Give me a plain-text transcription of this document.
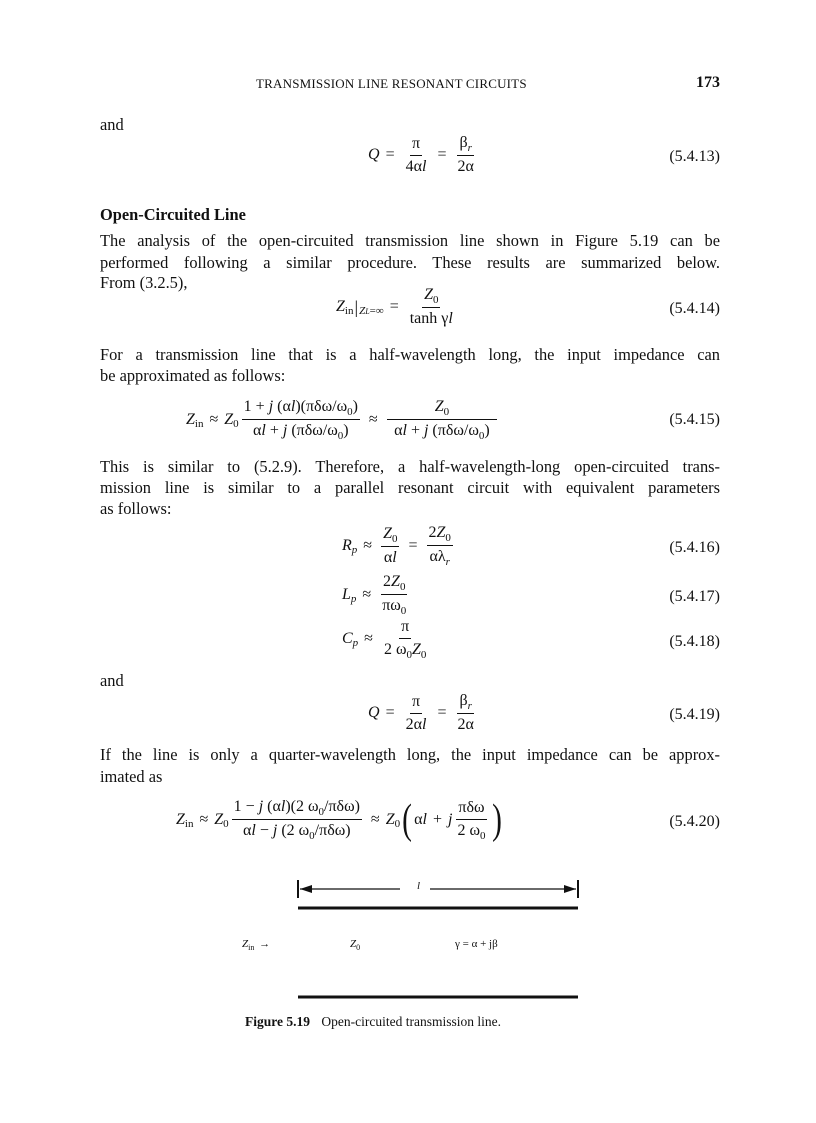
TRANSMISSION LINE RESONANT CIRCUITS	173
and
$Q = \frac{\pi}{4\alpha l} = \frac{\beta_r}{2\alpha}$	(5.4.13)
Open-Circuited Line
The analysis of the open-circuited transmission line shown in Figure 5.19 can be
performed following a similar procedure. These results are summarized below.
From (3.2.5),
Z in | $ZL=\infty = \frac{Z_0}{\text{tanh γl}}$	(5.4.14)
For a transmission line that is a half-wavelength long, the input impedance can
be approximated as follows:
Z in ≈ Z $0 \frac{1 + j (\alpha l)(\pi\delta\omega/\omega_0)}{\alpha l + j (\pi\delta\omega/\omega_0)} \approx \frac{Z_0}{\alpha l + j (\pi\delta\omega/\omega_0)}$	(5.4.15)
This is similar to (5.2.9). Therefore, a half-wavelength-long open-circuited trans-
mission line is similar to a parallel resonant circuit with equivalent parameters
as follows:
R $p \approx \frac{Z_0}{\alpha l} = \frac{2Z_0}{\alpha\lambda_r}$	(5.4.16)
L $p \approx \frac{2Z_0}{\pi\omega_0}$	(5.4.17)
C $p \approx \frac{\pi}{2 \omega_0Z_0}$	(5.4.18)
and
$Q = \frac{\pi}{2\alpha l} = \frac{\beta_r}{2\alpha}$	(5.4.19)
If the line is only a quarter-wavelength long, the input impedance can be approx-
imated as
Z in ≈ Z $0 \frac{1 - j (\alpha l)(2 \omega_0/\pi\delta\omega)}{\alpha l - j (2 \omega_0/\pi\delta\omega)} \approx Z$ 0 ( α l + j $\frac{\text{πδω}}{2 \omega_0}$ )	(5.4.20)
l
$Z_{in}$ →	$Z_0$	γ = α + jβ
Figure 5.19 Open-circuited transmission line.
